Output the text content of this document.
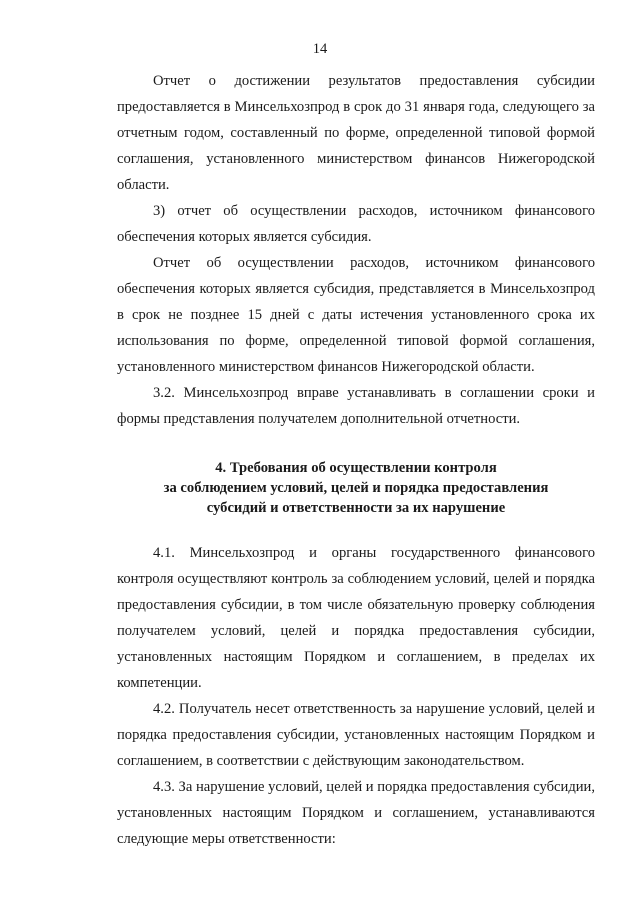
14

Отчет о достижении результатов предоставления субсидии предоставляется в Минсельхозпрод в срок до 31 января года, следующего за отчетным годом, составленный по форме, определенной типовой формой соглашения, установленного министерством финансов Нижегородской области.

3) отчет об осуществлении расходов, источником финансового обеспечения которых является субсидия.

Отчет об осуществлении расходов, источником финансового обеспечения которых является субсидия, представляется в Минсельхозпрод в срок не позднее 15 дней с даты истечения установленного срока их использования по форме, определенной типовой формой соглашения, установленного министерством финансов Нижегородской области.

3.2. Минсельхозпрод вправе устанавливать в соглашении сроки и формы представления получателем дополнительной отчетности.

4. Требования об осуществлении контроля
за соблюдением условий, целей и порядка предоставления
субсидий и ответственности за их нарушение

4.1. Минсельхозпрод и органы государственного финансового контроля осуществляют контроль за соблюдением условий, целей и порядка предоставления субсидии, в том числе обязательную проверку соблюдения получателем условий, целей и порядка предоставления субсидии, установленных настоящим Порядком и соглашением, в пределах их компетенции.

4.2. Получатель несет ответственность за нарушение условий, целей и порядка предоставления субсидии, установленных настоящим Порядком и соглашением, в соответствии с действующим законодательством.

4.3. За нарушение условий, целей и порядка предоставления субсидии, установленных настоящим Порядком и соглашением, устанавливаются следующие меры ответственности:
